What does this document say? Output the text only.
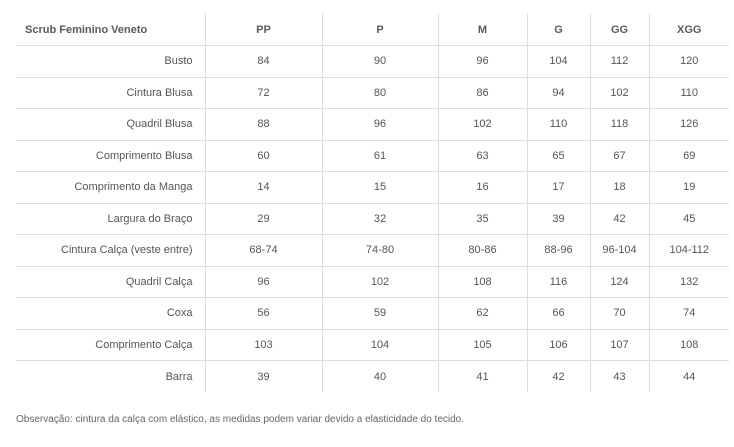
Scrub Feminino Veneto	PP	P	M	G	GG	XGG
Busto	84	90	96	104	112	120
Cintura Blusa	72	80	86	94	102	110
Quadril Blusa	88	96	102	110	118	126
Comprimento Blusa	60	61	63	65	67	69
Comprimento da Manga	14	15	16	17	18	19
Largura do Braço	29	32	35	39	42	45
Cintura Calça (veste entre)	68-74	74-80	80-86	88-96	96-104	104-112
Quadril Calça	96	102	108	116	124	132
Coxa	56	59	62	66	70	74
Comprimento Calça	103	104	105	106	107	108
Barra	39	40	41	42	43	44

Observação: cintura da calça com elástico, as medidas podem variar devido a elasticidade do tecido.
